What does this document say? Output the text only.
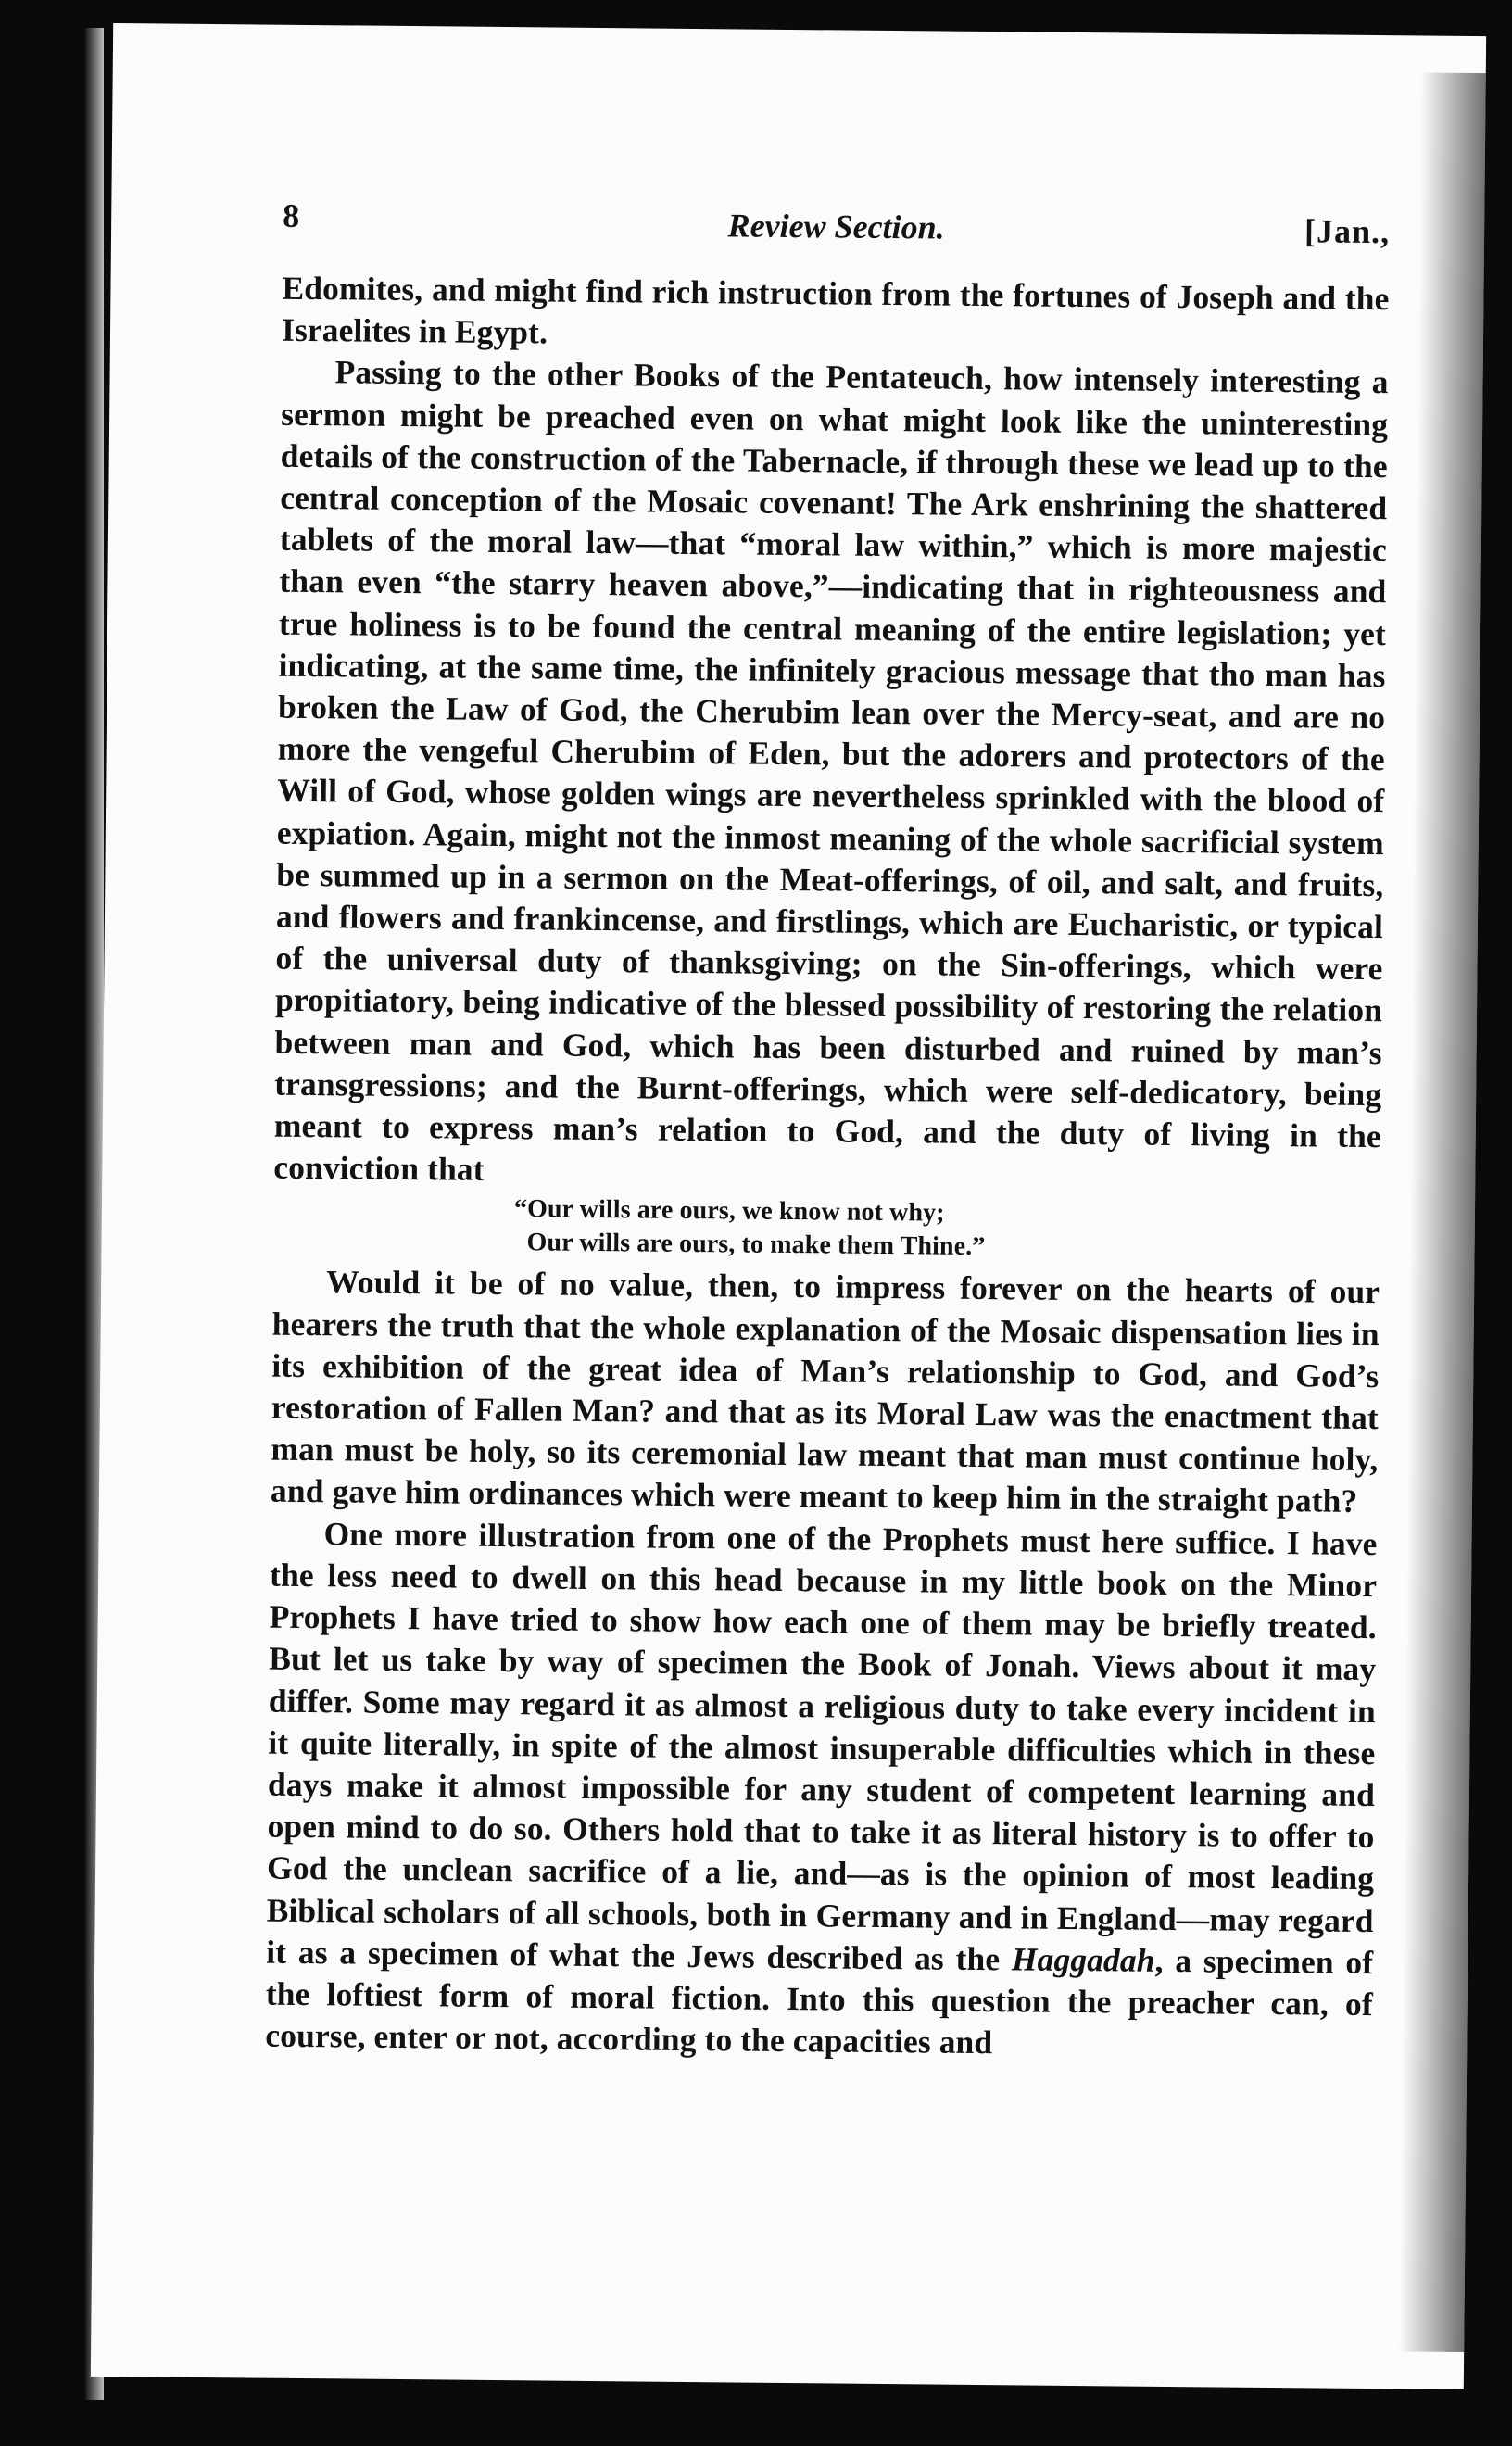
8	Review Section.	[Jan.,

Edomites, and might find rich instruction from the fortunes of Joseph and the Israelites in Egypt.

Passing to the other Books of the Pentateuch, how intensely interesting a sermon might be preached even on what might look like the uninteresting details of the construction of the Tabernacle, if through these we lead up to the central conception of the Mosaic covenant! The Ark enshrining the shattered tablets of the moral law—that “moral law within,” which is more majestic than even “the starry heaven above,”—indicating that in righteousness and true holiness is to be found the central meaning of the entire legislation; yet indicating, at the same time, the infinitely gracious message that tho man has broken the Law of God, the Cherubim lean over the Mercy-seat, and are no more the vengeful Cherubim of Eden, but the adorers and protectors of the Will of God, whose golden wings are nevertheless sprinkled with the blood of expiation. Again, might not the inmost meaning of the whole sacrificial system be summed up in a sermon on the Meat-offerings, of oil, and salt, and fruits, and flowers and frankincense, and firstlings, which are Eucharistic, or typical of the universal duty of thanksgiving; on the Sin-offerings, which were propitiatory, being indicative of the blessed possibility of restoring the relation between man and God, which has been disturbed and ruined by man’s transgressions; and the Burnt-offerings, which were self-dedicatory, being meant to express man’s relation to God, and the duty of living in the conviction that

“Our wills are ours, we know not why;
Our wills are ours, to make them Thine.”

Would it be of no value, then, to impress forever on the hearts of our hearers the truth that the whole explanation of the Mosaic dispensation lies in its exhibition of the great idea of Man’s relationship to God, and God’s restoration of Fallen Man? and that as its Moral Law was the enactment that man must be holy, so its ceremonial law meant that man must continue holy, and gave him ordinances which were meant to keep him in the straight path?

One more illustration from one of the Prophets must here suffice. I have the less need to dwell on this head because in my little book on the Minor Prophets I have tried to show how each one of them may be briefly treated. But let us take by way of specimen the Book of Jonah. Views about it may differ. Some may regard it as almost a religious duty to take every incident in it quite literally, in spite of the almost insuperable difficulties which in these days make it almost impossible for any student of competent learning and open mind to do so. Others hold that to take it as literal history is to offer to God the unclean sacrifice of a lie, and—as is the opinion of most leading Biblical scholars of all schools, both in Germany and in England—may regard it as a specimen of what the Jews described as the Haggadah, a specimen of the loftiest form of moral fiction. Into this question the preacher can, of course, enter or not, according to the capacities and
